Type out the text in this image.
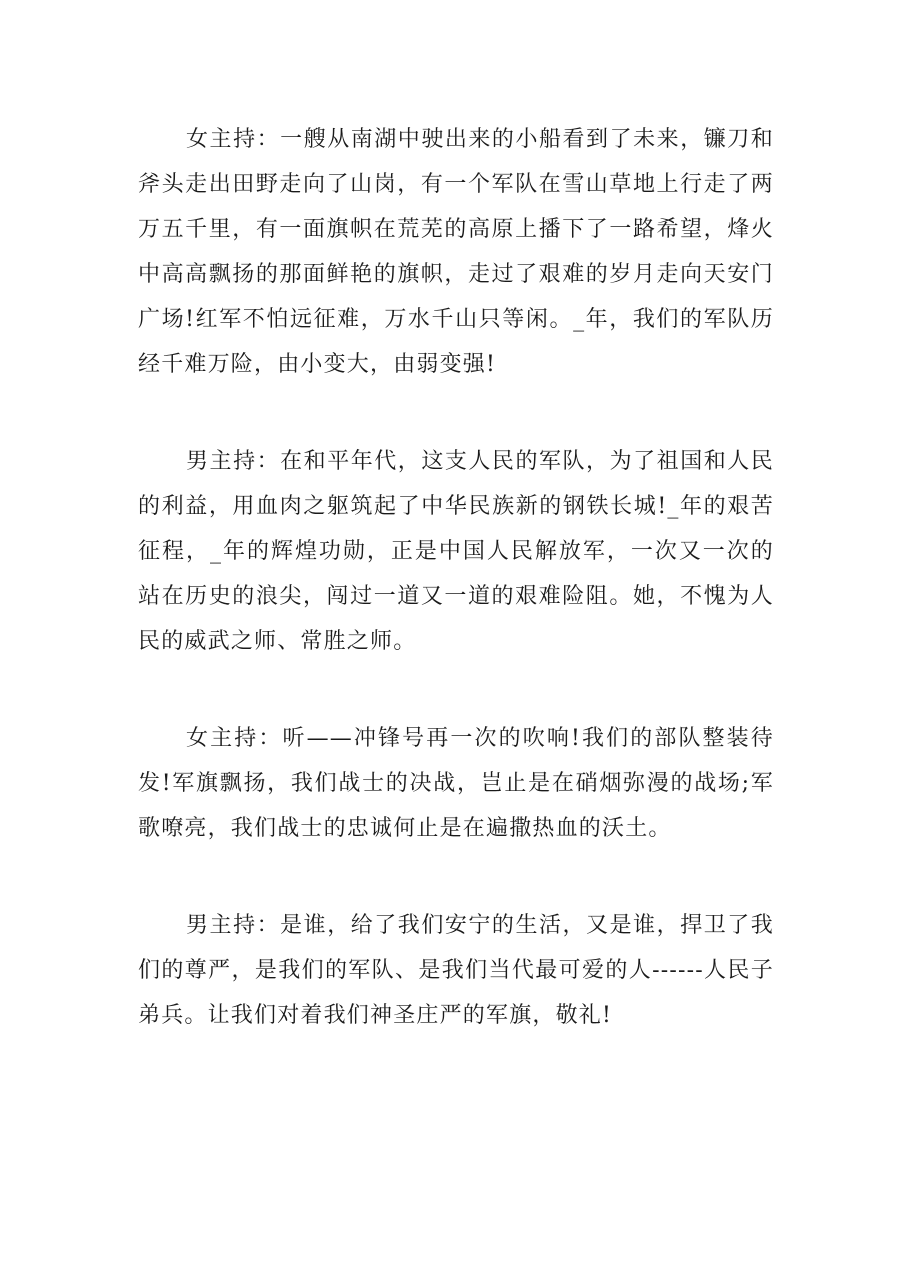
女主持：一艘从南湖中驶出来的小船看到了未来，镰刀和斧头走出田野走向了山岗，有一个军队在雪山草地上行走了两万五千里，有一面旗帜在荒芜的高原上播下了一路希望，烽火中高高飘扬的那面鲜艳的旗帜，走过了艰难的岁月走向天安门广场!红军不怕远征难，万水千山只等闲。_年，我们的军队历经千难万险，由小变大，由弱变强!

男主持：在和平年代，这支人民的军队，为了祖国和人民的利益，用血肉之躯筑起了中华民族新的钢铁长城!_年的艰苦征程，_年的辉煌功勋，正是中国人民解放军，一次又一次的站在历史的浪尖，闯过一道又一道的艰难险阻。她，不愧为人民的威武之师、常胜之师。

女主持：听——冲锋号再一次的吹响!我们的部队整装待发!军旗飘扬，我们战士的决战，岂止是在硝烟弥漫的战场;军歌嘹亮，我们战士的忠诚何止是在遍撒热血的沃土。

男主持：是谁，给了我们安宁的生活，又是谁，捍卫了我们的尊严，是我们的军队、是我们当代最可爱的人------人民子弟兵。让我们对着我们神圣庄严的军旗，敬礼!
